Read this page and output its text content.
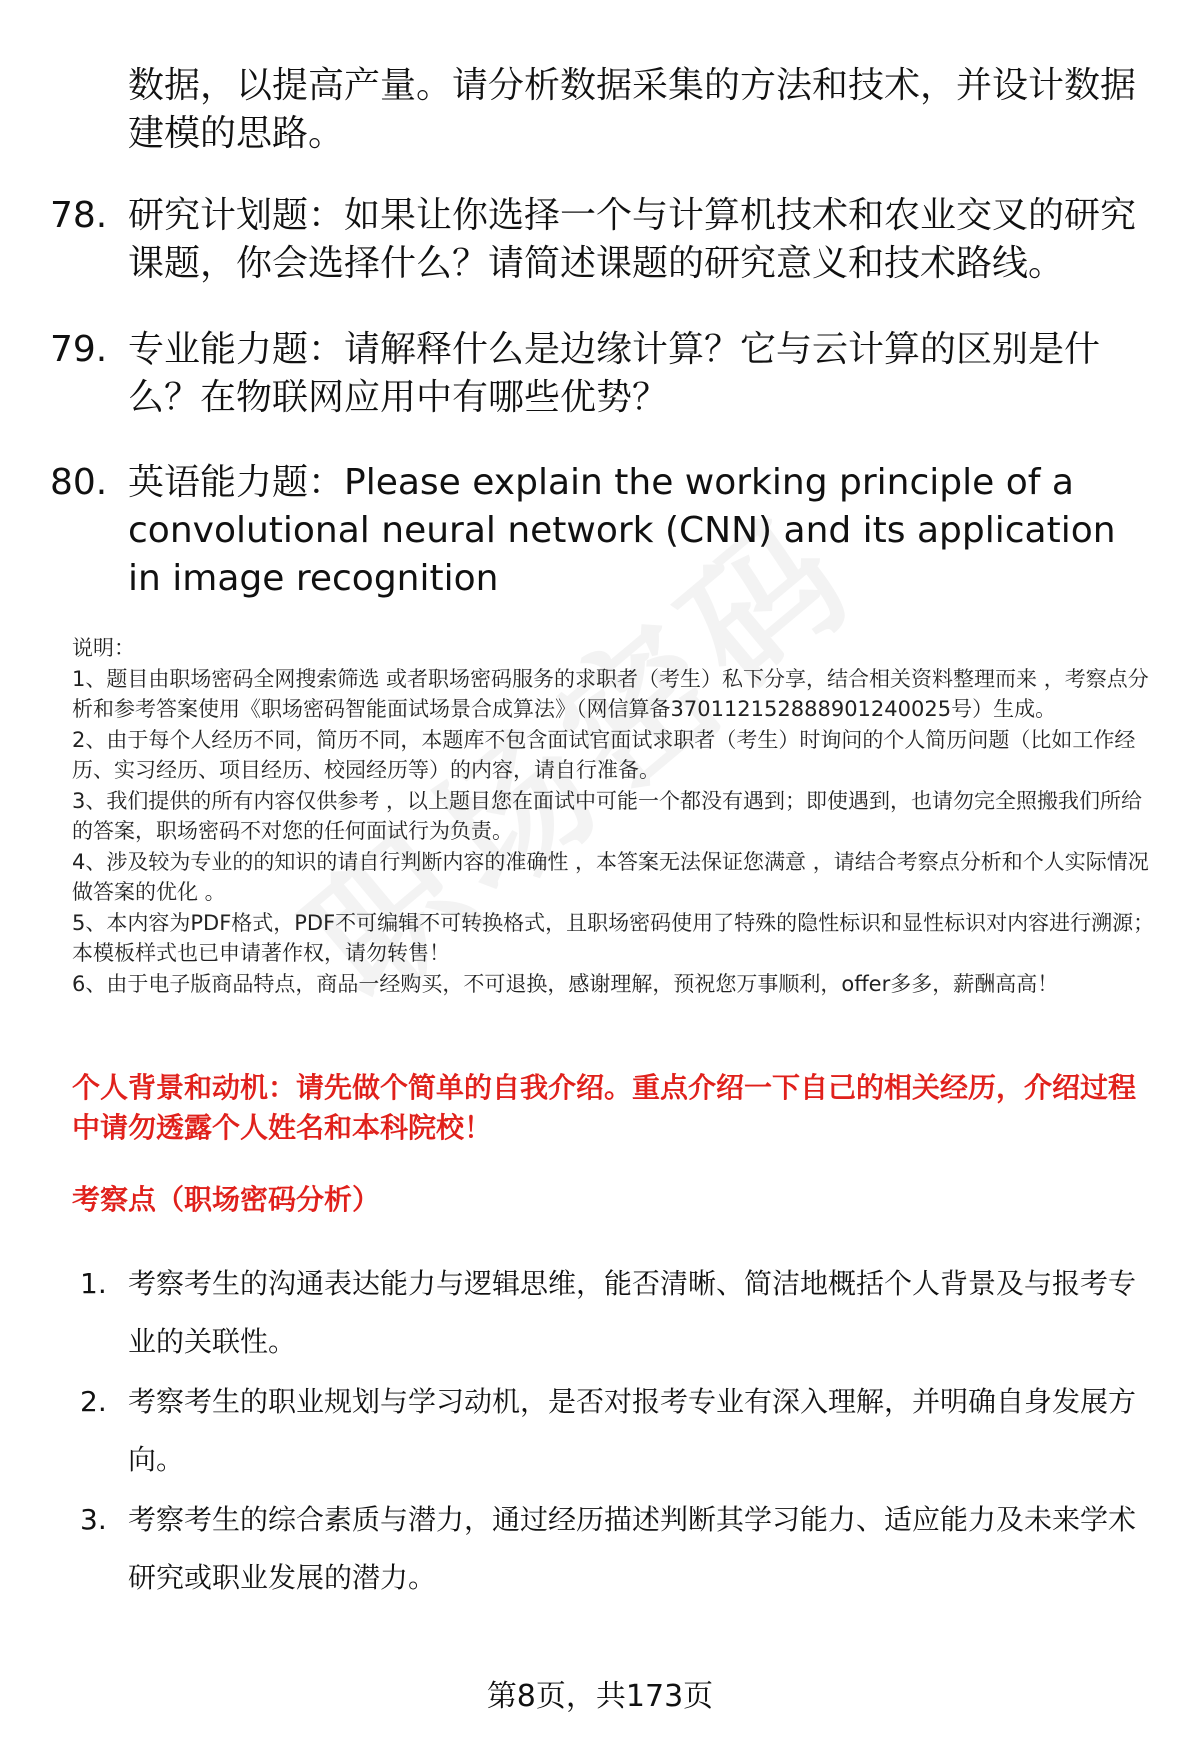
数据，以提高产量。请分析数据采集的方法和技术，并设计数据建模的思路。
78. 研究计划题：如果让你选择一个与计算机技术和农业交叉的研究课题，你会选择什么？请简述课题的研究意义和技术路线。
79. 专业能力题：请解释什么是边缘计算？它与云计算的区别是什么？在物联网应用中有哪些优势？
80. 英语能力题：Please explain the working principle of a convolutional neural network (CNN) and its application in image recognition

说明：

1、题目由职场密码全网搜索筛选 或者职场密码服务的求职者（考生）私下分享，结合相关资料整理而来 ，考察点分析和参考答案使用《职场密码智能面试场景合成算法》（网信算备370112152888901240025号）生成。

2、由于每个人经历不同，简历不同，本题库不包含面试官面试求职者（考生）时询问的个人简历问题（比如工作经历、实习经历、项目经历、校园经历等）的内容，请自行准备。

3、我们提供的所有内容仅供参考 ，以上题目您在面试中可能一个都没有遇到；即使遇到，也请勿完全照搬我们所给的答案，职场密码不对您的任何面试行为负责。

4、涉及较为专业的的知识的请自行判断内容的准确性 ，本答案无法保证您满意 ，请结合考察点分析和个人实际情况做答案的优化 。

5、本内容为PDF格式，PDF不可编辑不可转换格式，且职场密码使用了特殊的隐性标识和显性标识对内容进行溯源；本模板样式也已申请著作权，请勿转售！

6、由于电子版商品特点，商品一经购买，不可退换，感谢理解，预祝您万事顺利，offer多多，薪酬高高！

个人背景和动机：请先做个简单的自我介绍。重点介绍一下自己的相关经历，介绍过程中请勿透露个人姓名和本科院校！
考察点（职场密码分析）
1. 考察考生的沟通表达能力与逻辑思维，能否清晰、简洁地概括个人背景及与报考专业的关联性。
2. 考察考生的职业规划与学习动机，是否对报考专业有深入理解，并明确自身发展方向。
3. 考察考生的综合素质与潜力，通过经历描述判断其学习能力、适应能力及未来学术研究或职业发展的潜力。
第8页，共173页
